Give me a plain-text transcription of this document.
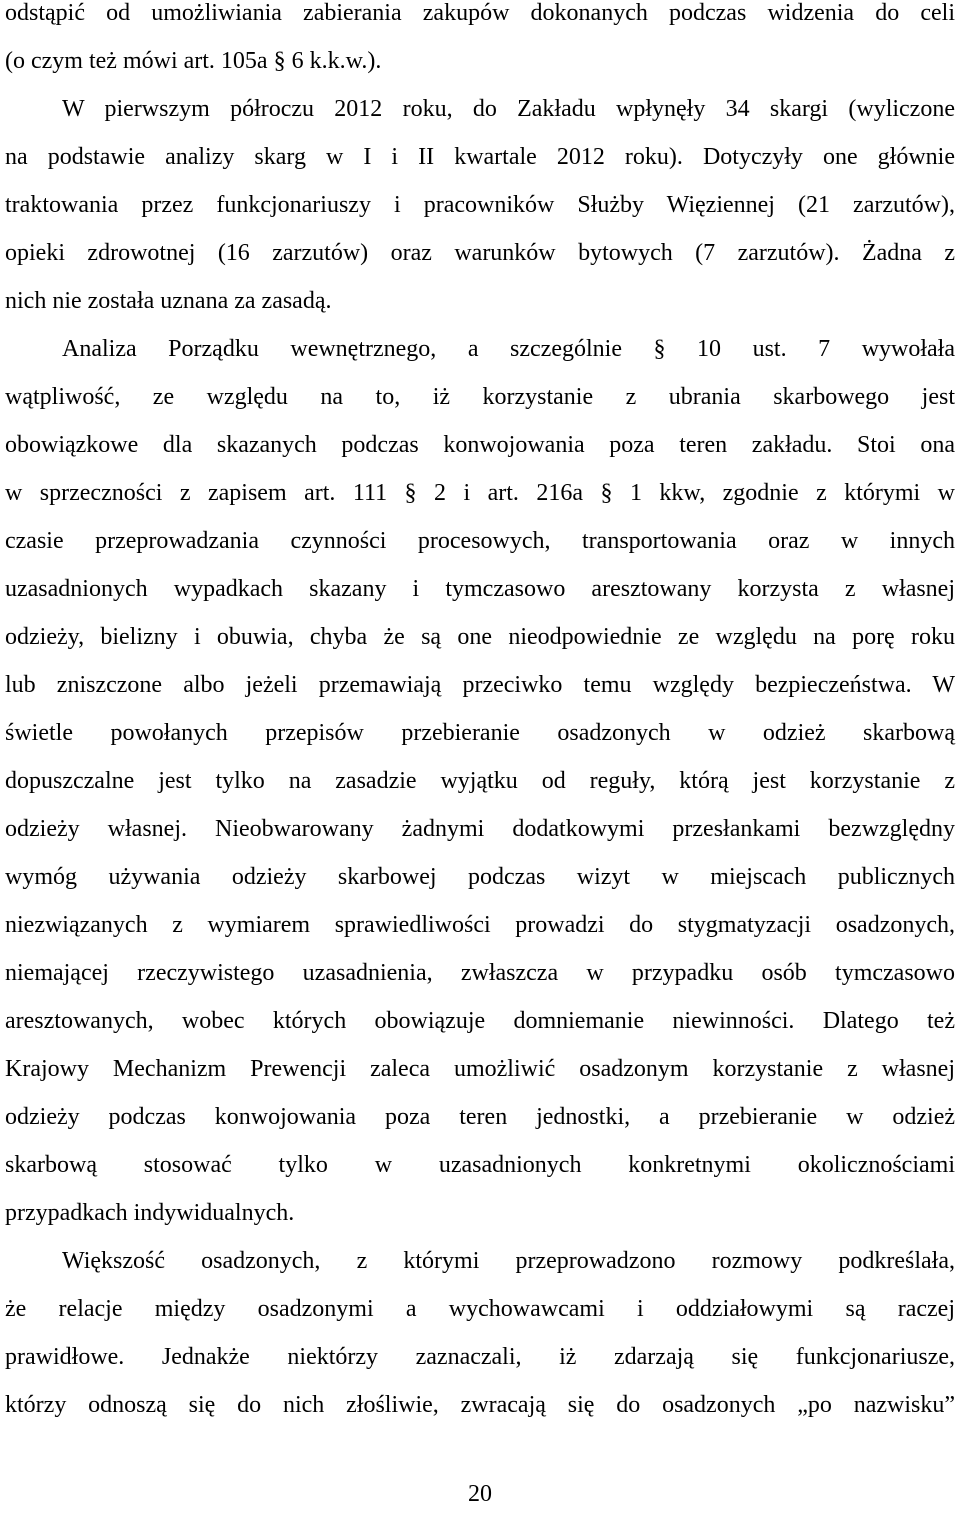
odstąpić od umożliwiania zabierania zakupów dokonanych podczas widzenia do celi
(o czym też mówi art. 105a § 6 k.k.w.).
W pierwszym półroczu 2012 roku, do Zakładu wpłynęły 34 skargi (wyliczone
na podstawie analizy skarg w I i II kwartale 2012 roku). Dotyczyły one głównie
traktowania przez funkcjonariuszy i pracowników Służby Więziennej (21 zarzutów),
opieki zdrowotnej (16 zarzutów) oraz warunków bytowych (7 zarzutów). Żadna z
nich nie została uznana za zasadą.
Analiza Porządku wewnętrznego, a szczególnie § 10 ust. 7 wywołała
wątpliwość, ze względu na to, iż korzystanie z ubrania skarbowego jest
obowiązkowe dla skazanych podczas konwojowania poza teren zakładu. Stoi ona
w sprzeczności z zapisem art. 111 § 2 i art. 216a § 1 kkw, zgodnie z którymi w
czasie przeprowadzania czynności procesowych, transportowania oraz w innych
uzasadnionych wypadkach skazany i tymczasowo aresztowany korzysta z własnej
odzieży, bielizny i obuwia, chyba że są one nieodpowiednie ze względu na porę roku
lub zniszczone albo jeżeli przemawiają przeciwko temu względy bezpieczeństwa. W
świetle powołanych przepisów przebieranie osadzonych w odzież skarbową
dopuszczalne jest tylko na zasadzie wyjątku od reguły, którą jest korzystanie z
odzieży własnej. Nieobwarowany żadnymi dodatkowymi przesłankami bezwzględny
wymóg używania odzieży skarbowej podczas wizyt w miejscach publicznych
niezwiązanych z wymiarem sprawiedliwości prowadzi do stygmatyzacji osadzonych,
niemającej rzeczywistego uzasadnienia, zwłaszcza w przypadku osób tymczasowo
aresztowanych, wobec których obowiązuje domniemanie niewinności. Dlatego też
Krajowy Mechanizm Prewencji zaleca umożliwić osadzonym korzystanie z własnej
odzieży podczas konwojowania poza teren jednostki, a przebieranie w odzież
skarbową stosować tylko w uzasadnionych konkretnymi okolicznościami
przypadkach indywidualnych.
Większość osadzonych, z którymi przeprowadzono rozmowy podkreślała,
że relacje między osadzonymi a wychowawcami i oddziałowymi są raczej
prawidłowe. Jednakże niektórzy zaznaczali, iż zdarzają się funkcjonariusze,
którzy odnoszą się do nich złośliwie, zwracają się do osadzonych „po nazwisku”
20
